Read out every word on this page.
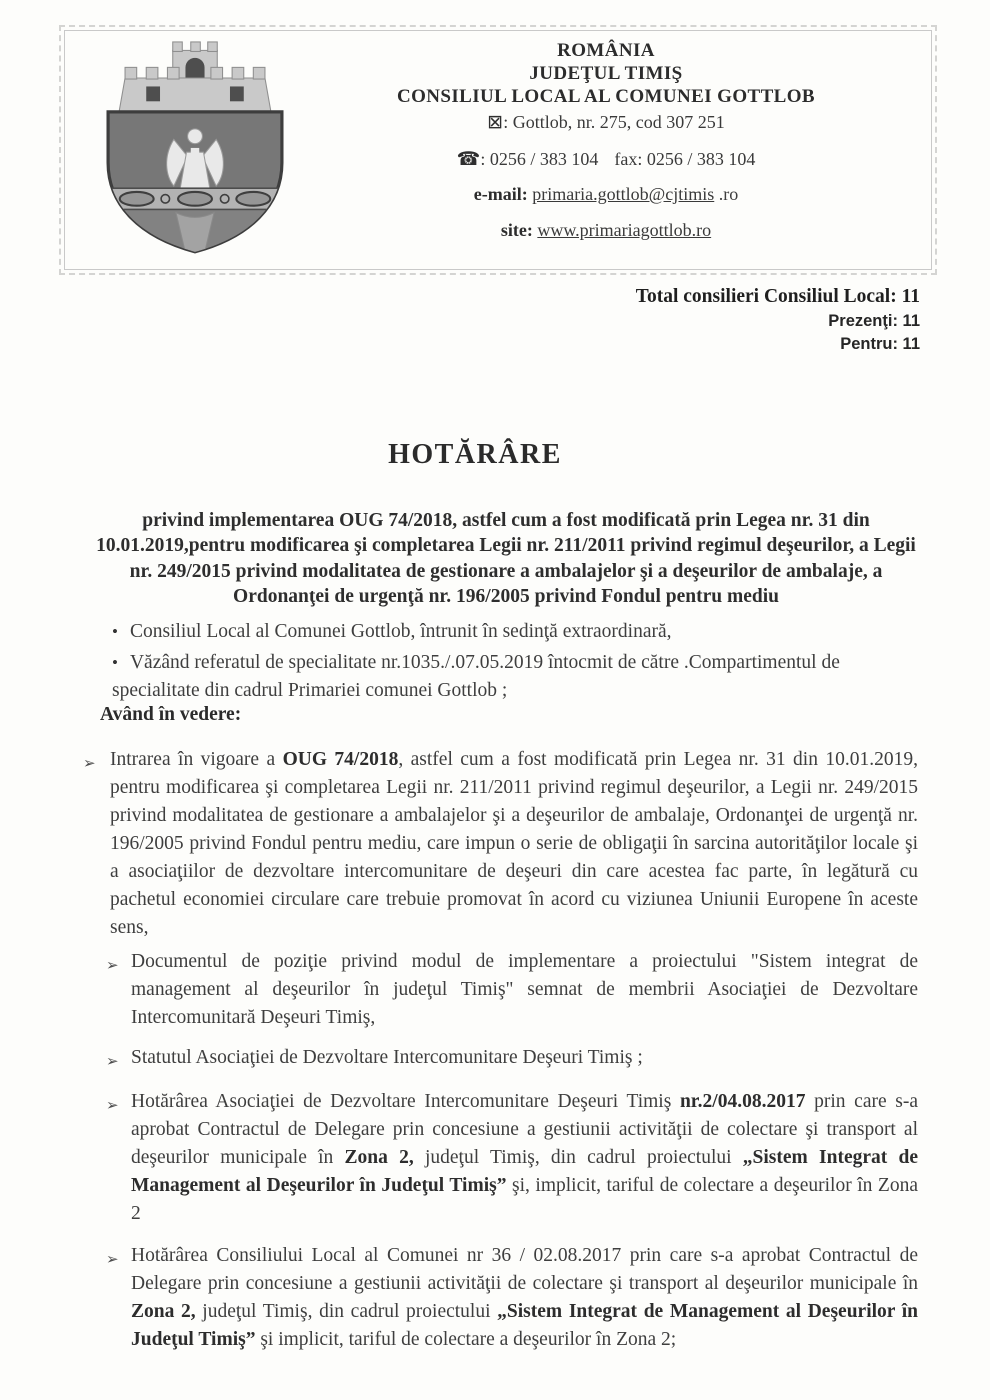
ROMÂNIA
JUDEŢUL TIMIŞ
CONSILIUL LOCAL AL COMUNEI GOTTLOB
⊠: Gottlob, nr. 275, cod 307 251
☎: 0256 / 383 104 fax: 0256 / 383 104
e-mail: primaria.gottlob@cjtimis .ro
site: www.primariagottlob.ro
Total consilieri Consiliul Local: 11
Prezenţi: 11
Pentru: 11
HOTĂRÂRE

privind implementarea OUG 74/2018, astfel cum a fost modificată prin Legea nr. 31 din 10.01.2019,pentru modificarea şi completarea Legii nr. 211/2011 privind regimul deşeurilor, a Legii nr. 249/2015 privind modalitatea de gestionare a ambalajelor şi a deşeurilor de ambalaje, a Ordonanţei de urgenţă nr. 196/2005 privind Fondul pentru mediu

• Consiliul Local al Comunei Gottlob, întrunit în sedinţă extraordinară,
• Văzând referatul de specialitate nr.1035./.07.05.2019 întocmit de către .Compartimentul de specialitate din cadrul Primariei comunei Gottlob ;
Având în vedere:
➢ Intrarea în vigoare a OUG 74/2018, astfel cum a fost modificată prin Legea nr. 31 din 10.01.2019, pentru modificarea şi completarea Legii nr. 211/2011 privind regimul deşeurilor, a Legii nr. 249/2015 privind modalitatea de gestionare a ambalajelor şi a deşeurilor de ambalaje, Ordonanţei de urgenţă nr. 196/2005 privind Fondul pentru mediu, care impun o serie de obligaţii în sarcina autorităţilor locale şi a asociaţiilor de dezvoltare intercomunitare de deşeuri din care acestea fac parte, în legătură cu pachetul economiei circulare care trebuie promovat în acord cu viziunea Uniunii Europene în aceste sens,
➢ Documentul de poziţie privind modul de implementare a proiectului "Sistem integrat de management al deşeurilor în judeţul Timiş" semnat de membrii Asociaţiei de Dezvoltare Intercomunitară Deşeuri Timiş,
➢ Statutul Asociaţiei de Dezvoltare Intercomunitare Deşeuri Timiş ;
➢ Hotărârea Asociaţiei de Dezvoltare Intercomunitare Deşeuri Timiş nr.2/04.08.2017 prin care s-a aprobat Contractul de Delegare prin concesiune a gestiunii activităţii de colectare şi transport al deşeurilor municipale în Zona 2, judeţul Timiş, din cadrul proiectului „Sistem Integrat de Management al Deşeurilor în Judeţul Timiş” şi, implicit, tariful de colectare a deşeurilor în Zona 2
➢ Hotărârea Consiliului Local al Comunei nr 36 / 02.08.2017 prin care s-a aprobat Contractul de Delegare prin concesiune a gestiunii activităţii de colectare şi transport al deşeurilor municipale în Zona 2, judeţul Timiş, din cadrul proiectului „Sistem Integrat de Management al Deşeurilor în Judeţul Timiş” şi implicit, tariful de colectare a deşeurilor în Zona 2;
